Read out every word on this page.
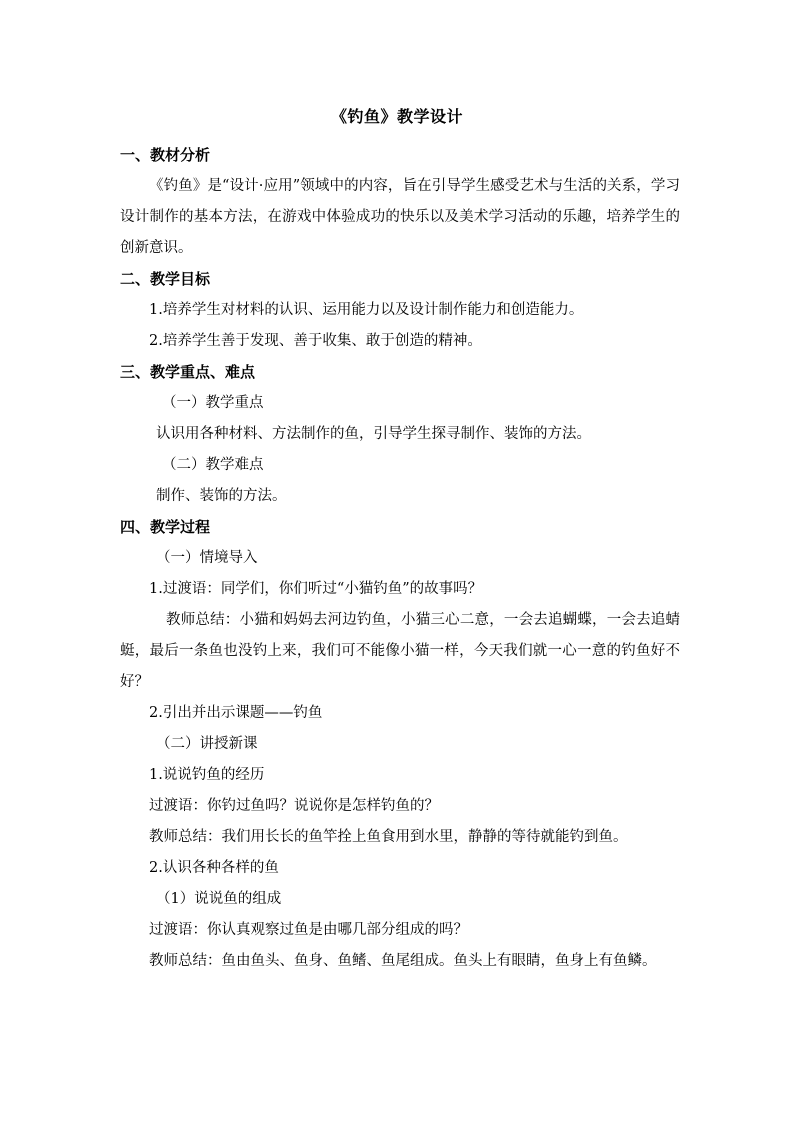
《钓鱼》教学设计

一、教材分析

《钓鱼》是“设计·应用”领域中的内容，旨在引导学生感受艺术与生活的关系，学习设计制作的基本方法，在游戏中体验成功的快乐以及美术学习活动的乐趣，培养学生的创新意识。

二、教学目标

1.培养学生对材料的认识、运用能力以及设计制作能力和创造能力。

2.培养学生善于发现、善于收集、敢于创造的精神。

三、教学重点、难点

（一）教学重点

认识用各种材料、方法制作的鱼，引导学生探寻制作、装饰的方法。

（二）教学难点

制作、装饰的方法。

四、教学过程

（一）情境导入

1.过渡语：同学们，你们听过“小猫钓鱼”的故事吗？

教师总结：小猫和妈妈去河边钓鱼，小猫三心二意，一会去追蝴蝶，一会去追蜻蜓，最后一条鱼也没钓上来，我们可不能像小猫一样，今天我们就一心一意的钓鱼好不好？

2.引出并出示课题——钓鱼

（二）讲授新课

1.说说钓鱼的经历

过渡语：你钓过鱼吗？说说你是怎样钓鱼的？

教师总结：我们用长长的鱼竿拴上鱼食用到水里，静静的等待就能钓到鱼。

2.认识各种各样的鱼

（1）说说鱼的组成

过渡语：你认真观察过鱼是由哪几部分组成的吗？

教师总结：鱼由鱼头、鱼身、鱼鳍、鱼尾组成。鱼头上有眼睛，鱼身上有鱼鳞。
